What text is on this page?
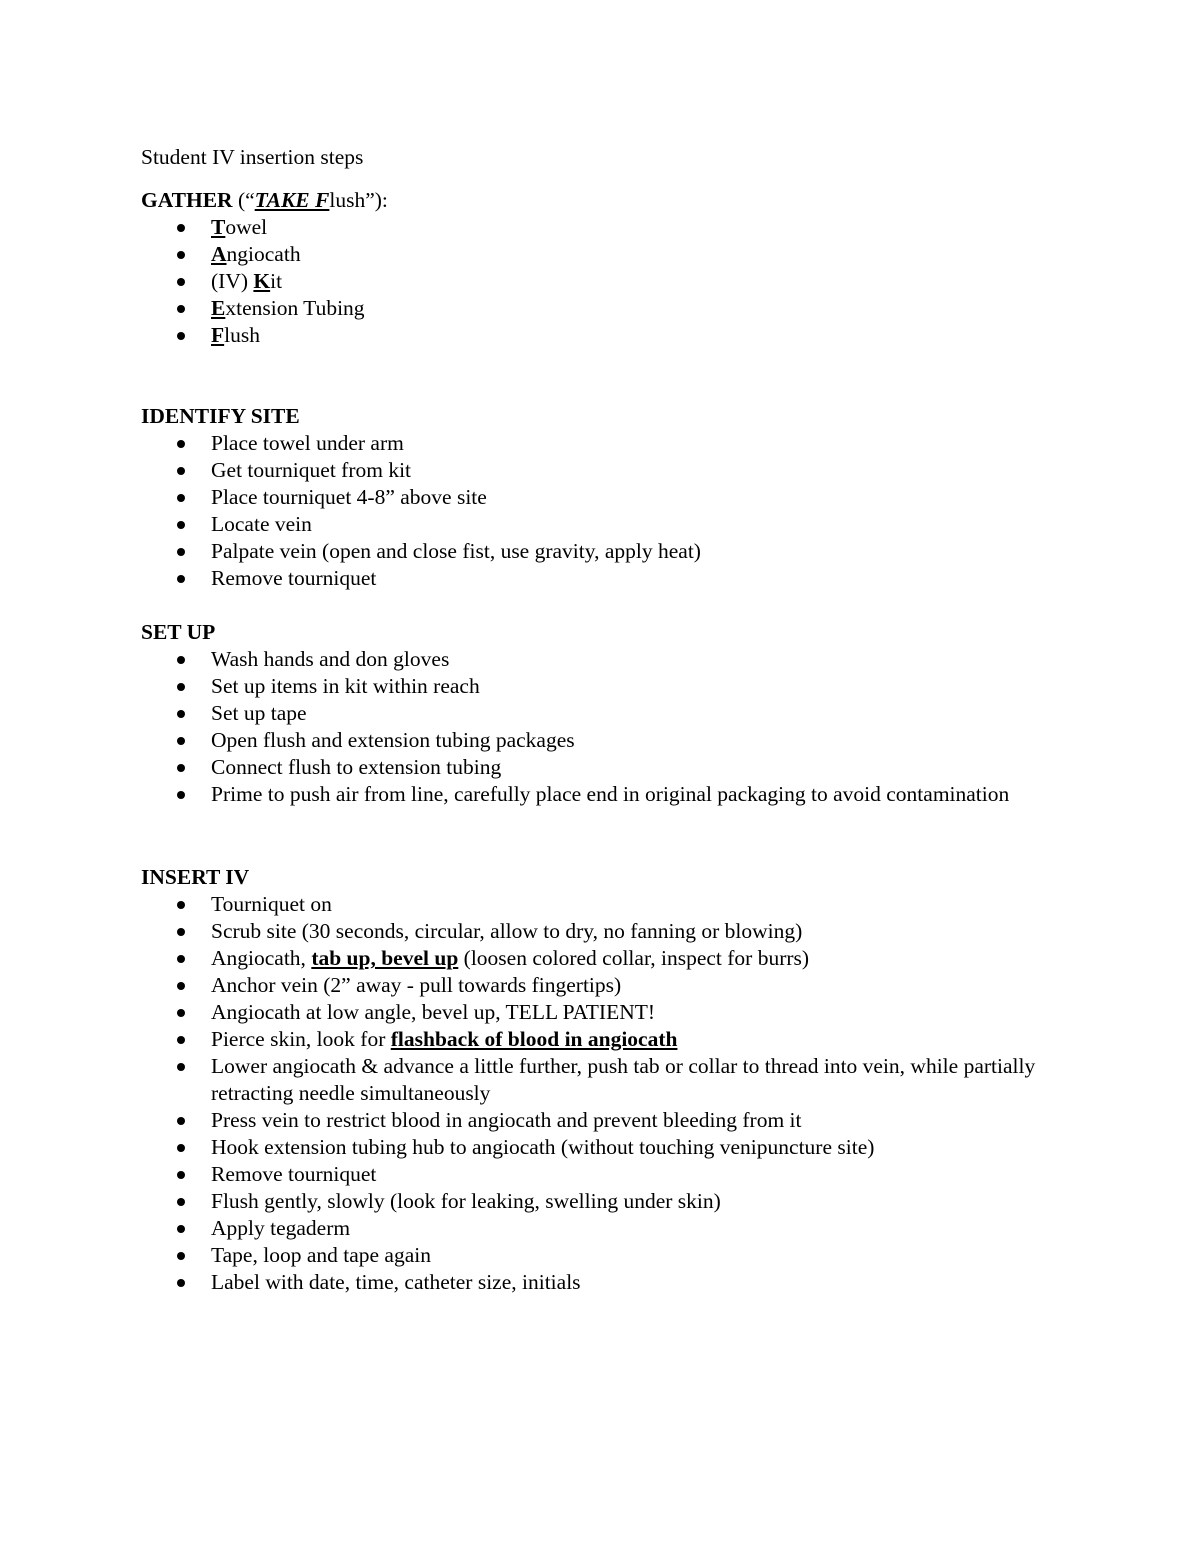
Student IV insertion steps
GATHER (“TAKE Flush”):
Towel
Angiocath
(IV) Kit
Extension Tubing
Flush
IDENTIFY SITE
Place towel under arm
Get tourniquet from kit
Place tourniquet 4-8” above site
Locate vein
Palpate vein (open and close fist, use gravity, apply heat)
Remove tourniquet
SET UP
Wash hands and don gloves
Set up items in kit within reach
Set up tape
Open flush and extension tubing packages
Connect flush to extension tubing
Prime to push air from line, carefully place end in original packaging to avoid contamination
INSERT IV
Tourniquet on
Scrub site (30 seconds, circular, allow to dry, no fanning or blowing)
Angiocath, tab up, bevel up (loosen colored collar, inspect for burrs)
Anchor vein (2” away - pull towards fingertips)
Angiocath at low angle, bevel up, TELL PATIENT!
Pierce skin, look for flashback of blood in angiocath
Lower angiocath & advance a little further, push tab or collar to thread into vein, while partially retracting needle simultaneously
Press vein to restrict blood in angiocath and prevent bleeding from it
Hook extension tubing hub to angiocath (without touching venipuncture site)
Remove tourniquet
Flush gently, slowly (look for leaking, swelling under skin)
Apply tegaderm
Tape, loop and tape again
Label with date, time, catheter size, initials
